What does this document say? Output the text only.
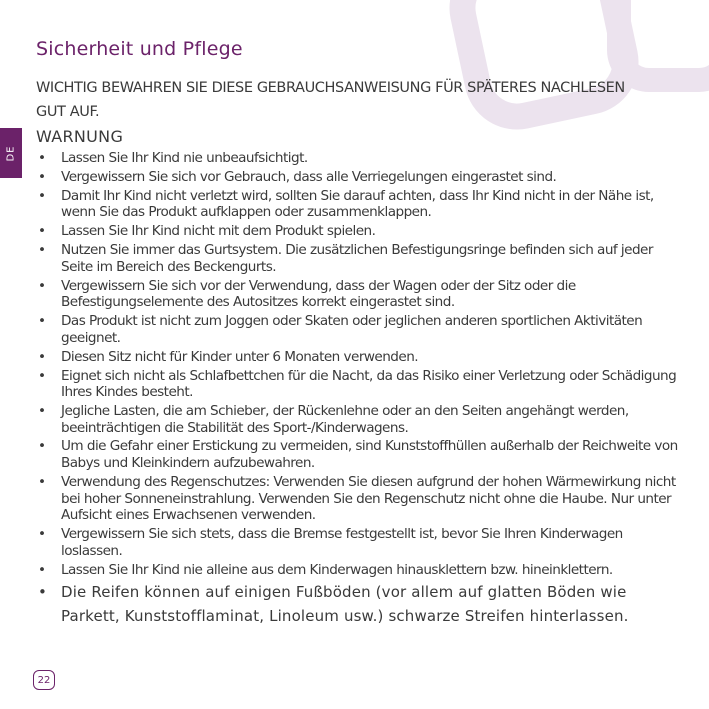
DE
Sicherheit und Pflege

WICHTIG BEWAHREN SIE DIESE GEBRAUCHSANWEISUNG FÜR SPÄTERES NACHLESEN GUT AUF.

WARNUNG
• Lassen Sie Ihr Kind nie unbeaufsichtigt.
• Vergewissern Sie sich vor Gebrauch, dass alle Verriegelungen eingerastet sind.
• Damit Ihr Kind nicht verletzt wird, sollten Sie darauf achten, dass Ihr Kind nicht in der Nähe ist, wenn Sie das Produkt aufklappen oder zusammenklappen.
• Lassen Sie Ihr Kind nicht mit dem Produkt spielen.
• Nutzen Sie immer das Gurtsystem. Die zusätzlichen Befestigungsringe befinden sich auf jeder Seite im Bereich des Beckengurts.
• Vergewissern Sie sich vor der Verwendung, dass der Wagen oder der Sitz oder die Befestigungselemente des Autositzes korrekt eingerastet sind.
• Das Produkt ist nicht zum Joggen oder Skaten oder jeglichen anderen sportlichen Aktivitäten geeignet.
• Diesen Sitz nicht für Kinder unter 6 Monaten verwenden.
• Eignet sich nicht als Schlafbettchen für die Nacht, da das Risiko einer Verletzung oder Schädigung Ihres Kindes besteht.
• Jegliche Lasten, die am Schieber, der Rückenlehne oder an den Seiten angehängt werden, beeinträchtigen die Stabilität des Sport-/Kinderwagens.
• Um die Gefahr einer Erstickung zu vermeiden, sind Kunststoffhüllen außerhalb der Reichweite von Babys und Kleinkindern aufzubewahren.
• Verwendung des Regenschutzes: Verwenden Sie diesen aufgrund der hohen Wärmewirkung nicht bei hoher Sonneneinstrahlung. Verwenden Sie den Regenschutz nicht ohne die Haube. Nur unter Aufsicht eines Erwachsenen verwenden.
• Vergewissern Sie sich stets, dass die Bremse festgestellt ist, bevor Sie Ihren Kinderwagen loslassen.
• Lassen Sie Ihr Kind nie alleine aus dem Kinderwagen hinausklettern bzw. hineinklettern.
• Die Reifen können auf einigen Fußböden (vor allem auf glatten Böden wie Parkett, Kunststofflaminat, Linoleum usw.) schwarze Streifen hinterlassen.
22
